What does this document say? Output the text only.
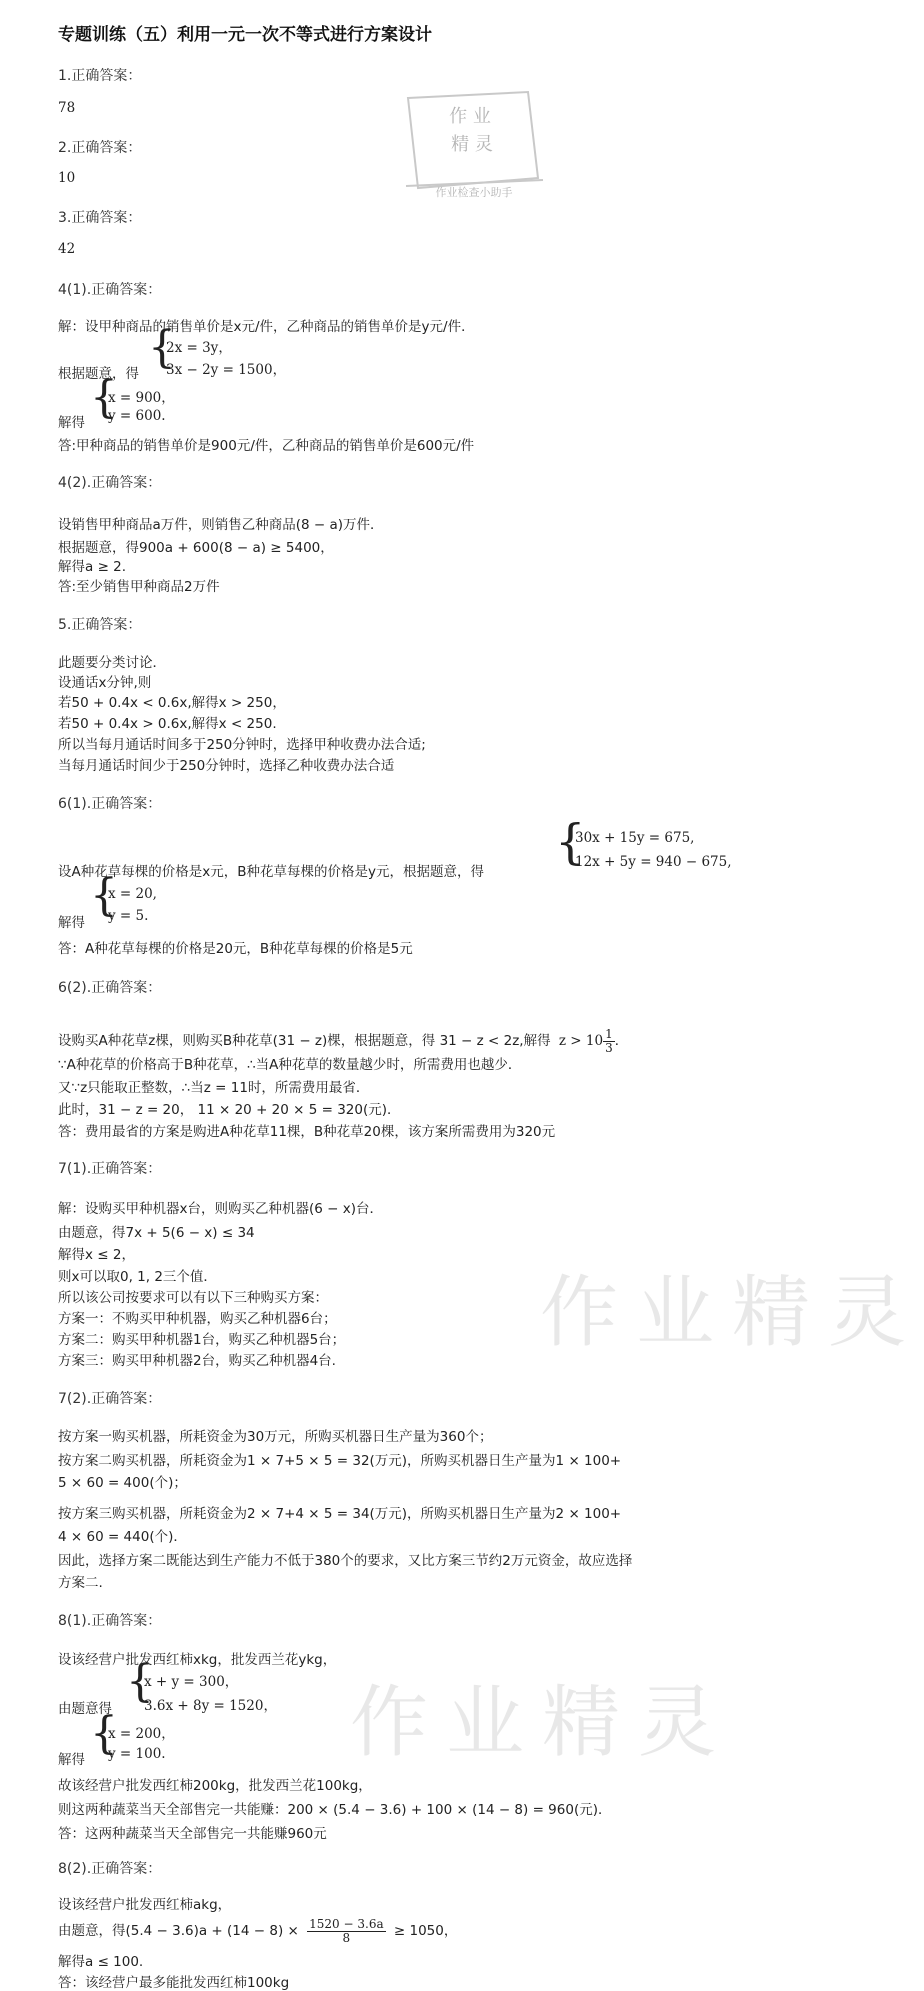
专题训练（五）利用一元一次不等式进行方案设计
作 业
精 灵
作业检查小助手
作业精灵
作业精灵
1.正确答案：
78
2.正确答案：
10
3.正确答案：
42
4(1).正确答案：
解：设甲种商品的销售单价是x元/件，乙种商品的销售单价是y元/件．
根据题意，得
{
2x = 3y，
3x − 2y = 1500，
解得 {
x = 900，
y = 600.
答:甲种商品的销售单价是900元/件，乙种商品的销售单价是600元/件
4(2).正确答案：
设销售甲种商品a万件，则销售乙种商品(8 − a)万件．
根据题意，得900a + 600(8 − a) ≥ 5400，
解得a ≥ 2.
答:至少销售甲种商品2万件
5.正确答案：
此题要分类讨论．
设通话x分钟,则
若50 + 0.4x < 0.6x,解得x > 250，
若50 + 0.4x > 0.6x,解得x < 250.
所以当每月通话时间多于250分钟时，选择甲种收费办法合适;
当每月通话时间少于250分钟时，选择乙种收费办法合适
6(1).正确答案：
{
30x + 15y = 675,
12x + 5y = 940 − 675,
设A种花草每棵的价格是x元，B种花草每棵的价格是y元，根据题意，得
解得
{
x = 20,
y = 5.
答：A种花草每棵的价格是20元，B种花草每棵的价格是5元
6(2).正确答案：
设购买A种花草z棵，则购买B种花草(31 − z)棵，根据题意，得 31 − z < 2z,解得 $z > 10 \frac{1}{3}$ ．
∵A种花草的价格高于B种花草，∴当A种花草的数量越少时，所需费用也越少．
又∵z只能取正整数，∴当z = 11时，所需费用最省．
此时，31 − z = 20， 11 × 20 + 20 × 5 = 320(元)．
答：费用最省的方案是购进A种花草11棵，B种花草20棵，该方案所需费用为320元
7(1).正确答案：
解：设购买甲种机器x台，则购买乙种机器(6 − x)台．
由题意，得7x + 5(6 − x) ≤ 34
解得x ≤ 2，
则x可以取0, 1, 2三个值．
所以该公司按要求可以有以下三种购买方案：
方案一：不购买甲种机器，购买乙种机器6台；
方案二：购买甲种机器1台，购买乙种机器5台；
方案三：购买甲种机器2台，购买乙种机器4台.
7(2).正确答案：
按方案一购买机器，所耗资金为30万元，所购买机器日生产量为360个；
按方案二购买机器，所耗资金为1 × 7+5 × 5 = 32(万元)，所购买机器日生产量为1 × 100+
5 × 60 = 400(个)；
按方案三购买机器，所耗资金为2 × 7+4 × 5 = 34(万元)，所购买机器日生产量为2 × 100+
4 × 60 = 440(个)．
因此，选择方案二既能达到生产能力不低于380个的要求，又比方案三节约2万元资金，故应选择
方案二.
8(1).正确答案：
设该经营户批发西红柿xkg，批发西兰花ykg，
由题意得
{
x + y = 300，
3.6x + 8y = 1520，
解得
{
x = 200，
y = 100.
故该经营户批发西红柿200kg，批发西兰花100kg，
则这两种蔬菜当天全部售完一共能赚：200 × (5.4 − 3.6) + 100 × (14 − 8) = 960(元)．
答：这两种蔬菜当天全部售完一共能赚960元
8(2).正确答案：
设该经营户批发西红柿akg，
由题意，得$(5.4 - 3.6)a + (14 - 8) \times \frac{1520 - 3.6a}{8} \ge 1050$，
解得a ≤ 100.
答：该经营户最多能批发西红柿100kg
